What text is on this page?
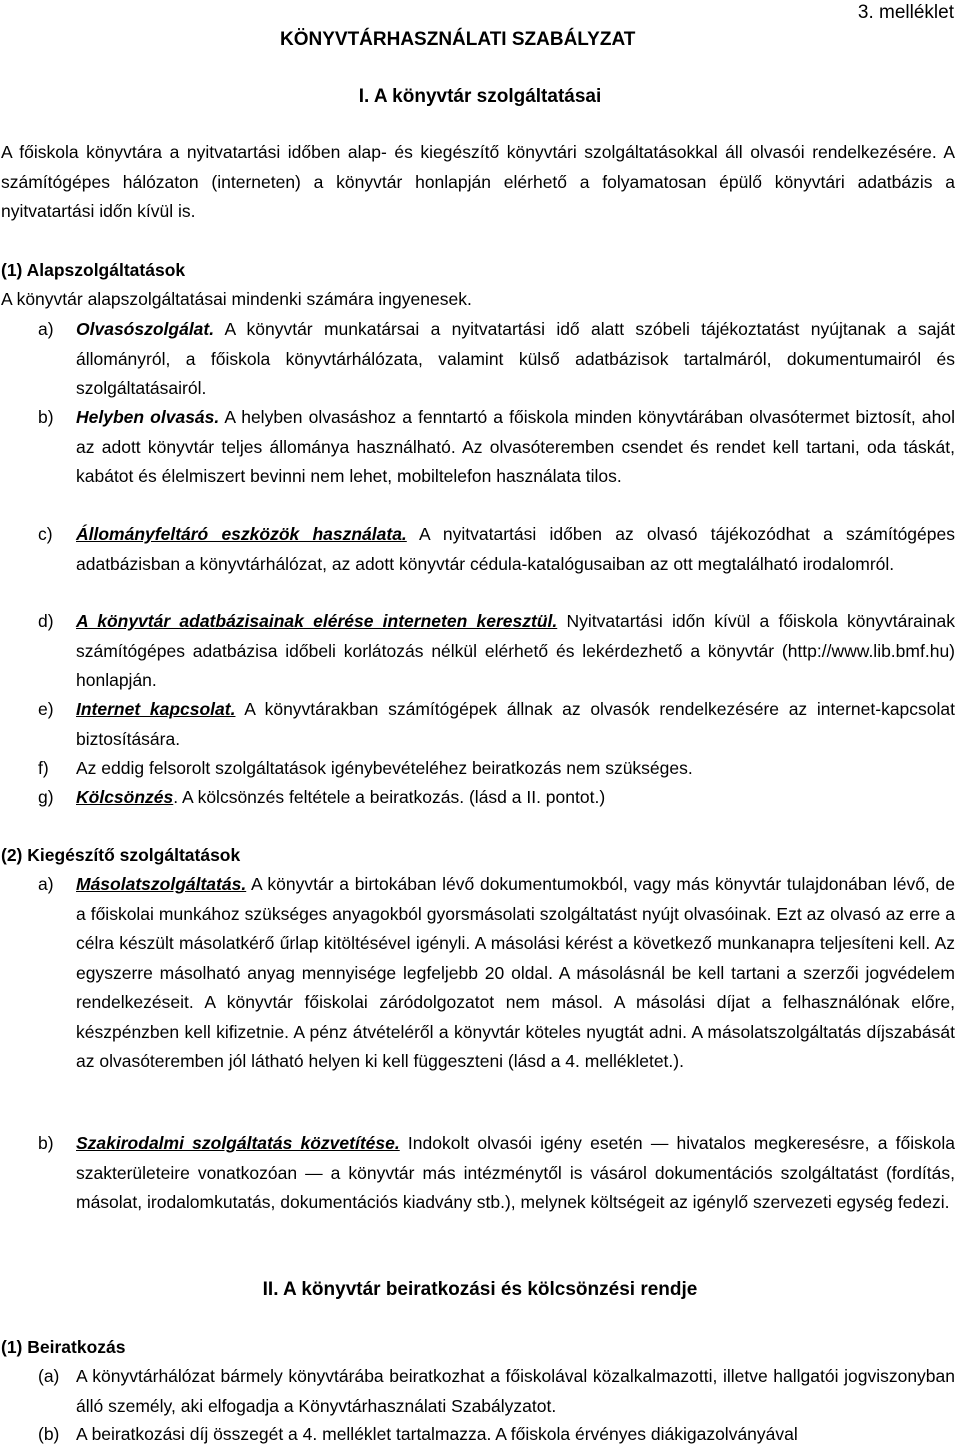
3. melléklet
KÖNYVTÁRHASZNÁLATI SZABÁLYZAT
I. A könyvtár szolgáltatásai

A főiskola könyvtára a nyitvatartási időben alap- és kiegészítő könyvtári szolgáltatásokkal áll olvasói rendelkezésére. A számítógépes hálózaton (interneten) a könyvtár honlapján elérhető a folyamatosan épülő könyvtári adatbázis a nyitvatartási időn kívül is.

(1) Alapszolgáltatások
A könyvtár alapszolgáltatásai mindenki számára ingyenesek.
a) Olvasószolgálat. A könyvtár munkatársai a nyitvatartási idő alatt szóbeli tájékoztatást nyújtanak a saját állományról, a főiskola könyvtárhálózata, valamint külső adatbázisok tartalmáról, dokumentumairól és szolgáltatásairól.

b) Helyben olvasás. A helyben olvasáshoz a fenntartó a főiskola minden könyvtárában olvasótermet biztosít, ahol az adott könyvtár teljes állománya használható. Az olvasóteremben csendet és rendet kell tartani, oda táskát, kabátot és élelmiszert bevinni nem lehet, mobiltelefon használata tilos.

c) Állományfeltáró eszközök használata. A nyitvatartási időben az olvasó tájékozódhat a számítógépes adatbázisban a könyvtárhálózat, az adott könyvtár cédula-katalógusaiban az ott megtalálható irodalomról.

d) A könyvtár adatbázisainak elérése interneten keresztül. Nyitvatartási időn kívül a főiskola könyvtárainak számítógépes adatbázisa időbeli korlátozás nélkül elérhető és lekérdezhető a könyvtár (http://www.lib.bmf.hu) honlapján.

e) Internet kapcsolat. A könyvtárakban számítógépek állnak az olvasók rendelkezésére az internet-kapcsolat biztosítására.

f) Az eddig felsorolt szolgáltatások igénybevételéhez beiratkozás nem szükséges.

g) Kölcsönzés. A kölcsönzés feltétele a beiratkozás. (lásd a II. pontot.)

(2) Kiegészítő szolgáltatások
a) Másolatszolgáltatás. A könyvtár a birtokában lévő dokumentumokból, vagy más könyvtár tulajdonában lévő, de a főiskolai munkához szükséges anyagokból gyorsmásolati szolgáltatást nyújt olvasóinak. Ezt az olvasó az erre a célra készült másolatkérő űrlap kitöltésével igényli. A másolási kérést a következő munkanapra teljesíteni kell. Az egyszerre másolható anyag mennyisége legfeljebb 20 oldal. A másolásnál be kell tartani a szerzői jogvédelem rendelkezéseit. A könyvtár főiskolai záródolgozatot nem másol. A másolási díjat a felhasználónak előre, készpénzben kell kifizetnie. A pénz átvételéről a könyvtár köteles nyugtát adni. A másolatszolgáltatás díjszabását az olvasóteremben jól látható helyen ki kell függeszteni (lásd a 4. mellékletet.).

b) Szakirodalmi szolgáltatás közvetítése. Indokolt olvasói igény esetén — hivatalos megkeresésre, a főiskola szakterületeire vonatkozóan — a könyvtár más intézménytől is vásárol dokumentációs szolgáltatást (fordítás, másolat, irodalomkutatás, dokumentációs kiadvány stb.), melynek költségeit az igénylő szervezeti egység fedezi.

II. A könyvtár beiratkozási és kölcsönzési rendje
(1) Beiratkozás
(a) A könyvtárhálózat bármely könyvtárába beiratkozhat a főiskolával közalkalmazotti, illetve hallgatói jogviszonyban álló személy, aki elfogadja a Könyvtárhasználati Szabályzatot.

(b) A beiratkozási díj összegét a 4. melléklet tartalmazza. A főiskola érvényes diákigazolványával
